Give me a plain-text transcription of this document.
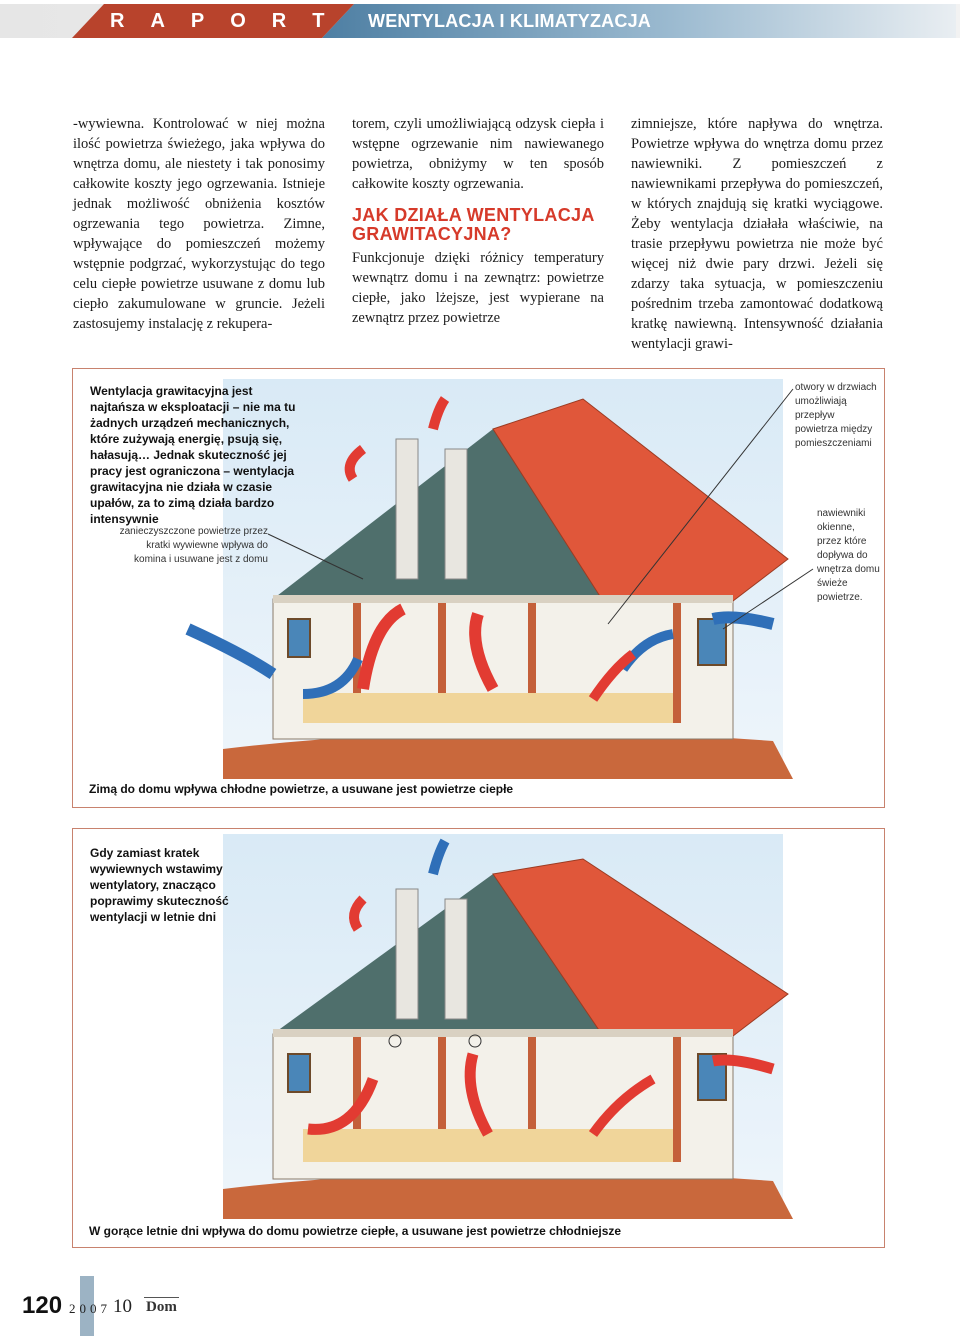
RAPORT WENTYLACJA I KLIMATYZACJA

-wywiewna. Kontrolować w niej można ilość powietrza świeżego, jaka wpływa do wnętrza domu, ale niestety i tak ponosimy całkowite koszty jego ogrzewania. Istnieje jednak możliwość obniżenia kosztów ogrzewania tego powietrza. Zimne, wpływające do pomieszczeń możemy wstępnie podgrzać, wykorzystując do tego celu ciepłe powietrze usuwane z domu lub ciepło zakumulowane w gruncie. Jeżeli zastosujemy instalację z rekupera-

torem, czyli umożliwiającą odzysk ciepła i wstępne ogrzewanie nim nawiewanego powietrza, obniżymy w ten sposób całkowite koszty ogrzewania.

JAK DZIAŁA WENTYLACJA GRAWITACYJNA?

Funkcjonuje dzięki różnicy temperatury wewnątrz domu i na zewnątrz: powietrze ciepłe, jako lżejsze, jest wypierane na zewnątrz przez powietrze

zimniejsze, które napływa do wnętrza. Powietrze wpływa do wnętrza domu przez nawiewniki. Z pomieszczeń z nawiewnikami przepływa do pomieszczeń, w których znajdują się kratki wyciągowe. Żeby wentylacja działała właściwie, na trasie przepływu powietrza nie może być więcej niż dwie pary drzwi. Jeżeli się zdarzy taka sytuacja, w pomieszczeniu pośrednim trzeba zamontować dodatkową kratkę nawiewną. Intensywność działania wentylacji grawi-

Wentylacja grawitacyjna jest najtańsza w eksploatacji – nie ma tu żadnych urządzeń mechanicznych, które zużywają energię, psują się, hałasują… Jednak skuteczność jej pracy jest ograniczona – wentylacja grawitacyjna nie działa w czasie upałów, za to zimą działa bardzo intensywnie
zanieczyszczone powietrze przez kratki wywiewne wpływa do komina i usuwane jest z domu
otwory w drzwiach umożliwiają przepływ powietrza między pomieszczeniami
nawiewniki okienne, przez które dopływa do wnętrza domu świeże powietrze.
Zimą do domu wpływa chłodne powietrze, a usuwane jest powietrze ciepłe
Gdy zamiast kratek wywiewnych wstawimy wentylatory, znacząco poprawimy skuteczność wentylacji w letnie dni
W gorące letnie dni wpływa do domu powietrze ciepłe, a usuwane jest powietrze chłodniejsze
120 2007 10 Dom
